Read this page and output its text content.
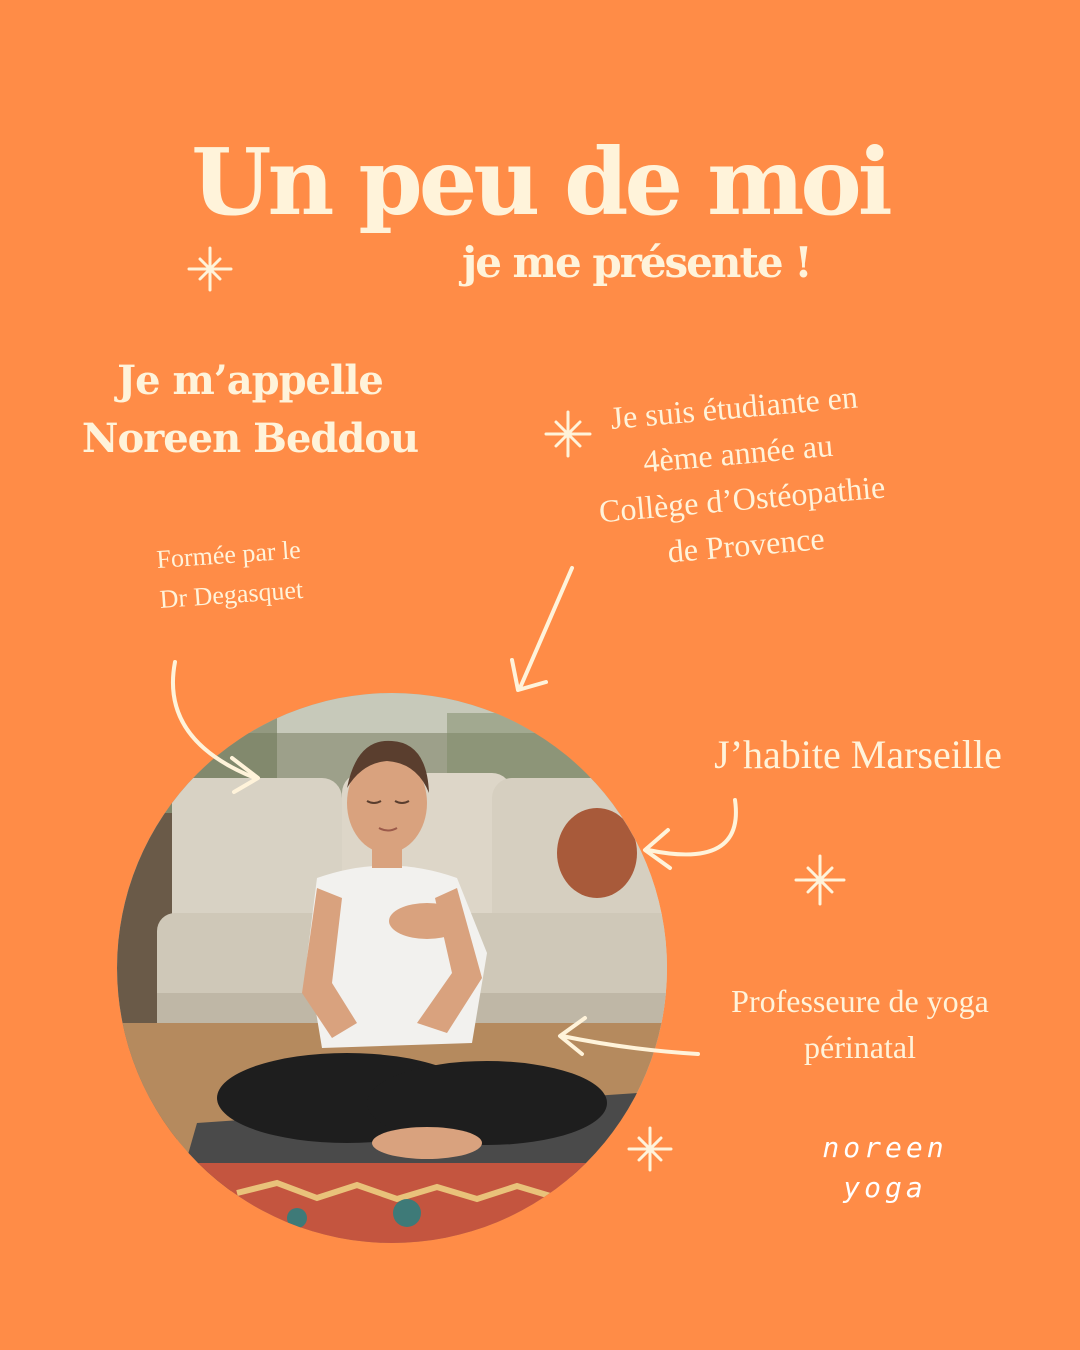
Un peu de moi
je me présente !
Je m’appelle
Noreen Beddou
Je suis étudiante en
4ème année au
Collège d’Ostéopathie
de Provence
Formée par le
Dr Degasquet
J’habite Marseille
Professeure de yoga
périnatal
noreen
yoga
